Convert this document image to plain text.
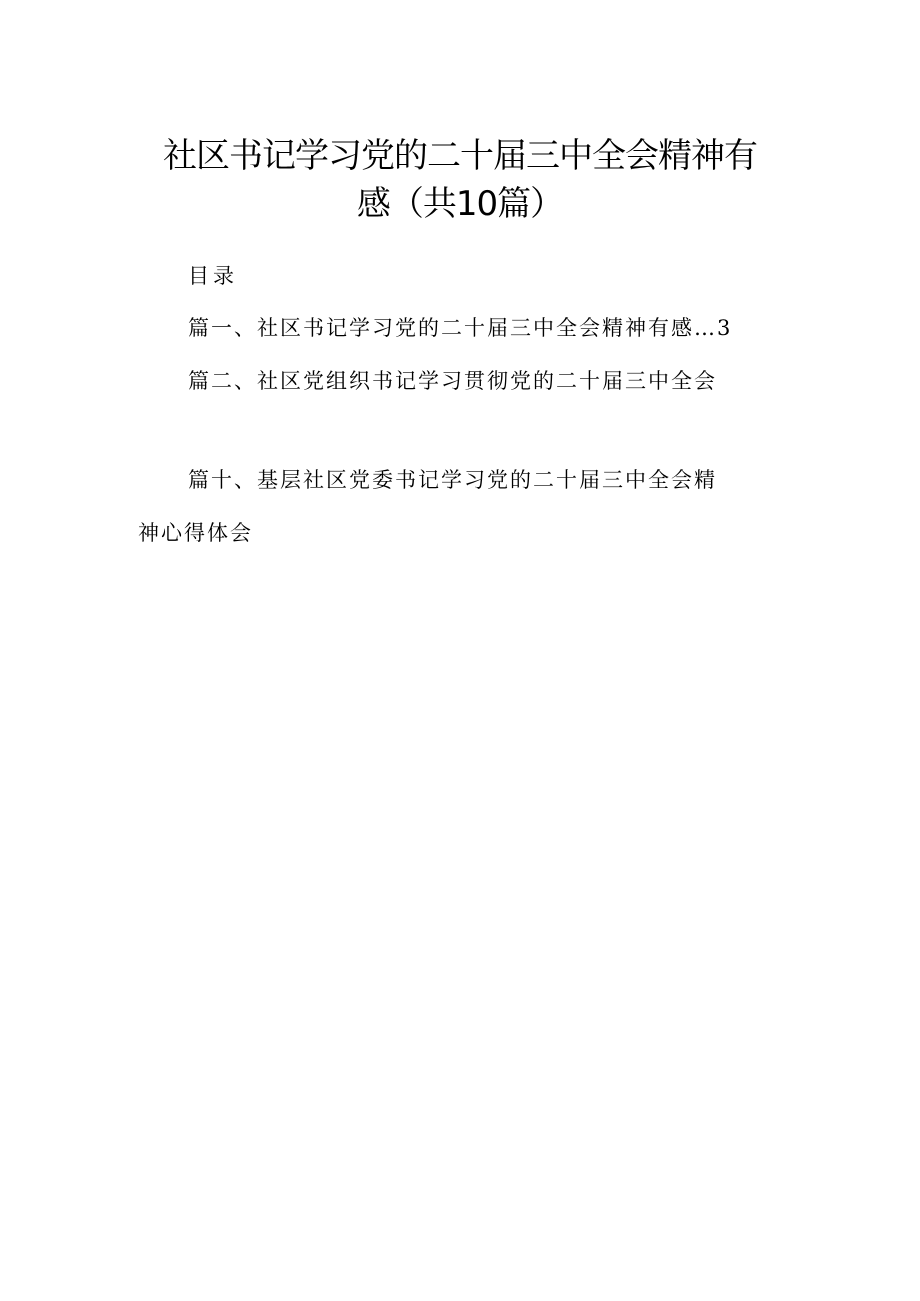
社区书记学习党的二十届三中全会精神有
感（共10篇）

目录

篇一、社区书记学习党的二十届三中全会精神有感…3

篇二、社区党组织书记学习贯彻党的二十届三中全会

篇十、基层社区党委书记学习党的二十届三中全会精

神心得体会
